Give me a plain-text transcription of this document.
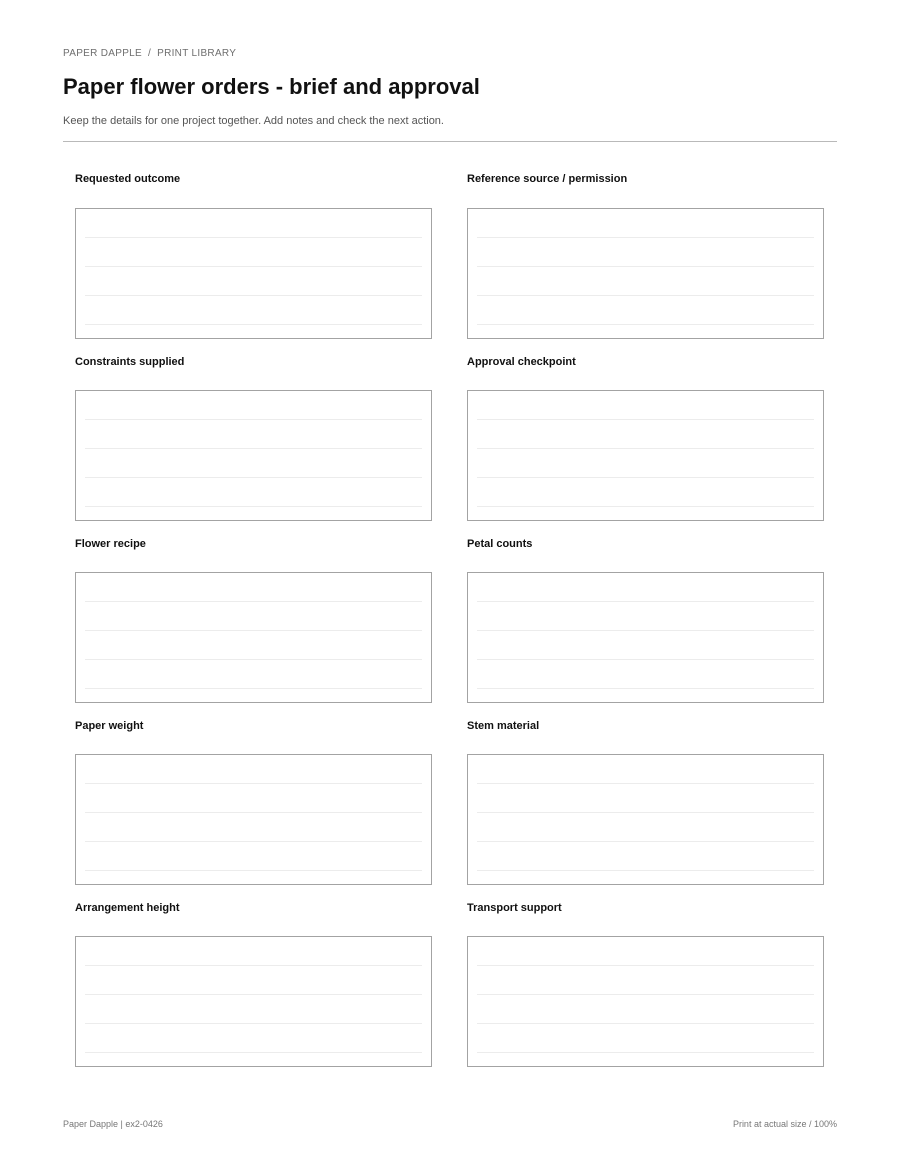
PAPER DAPPLE / PRINT LIBRARY
Paper flower orders - brief and approval
Keep the details for one project together. Add notes and check the next action.
Requested outcome	Reference source / permission
Constraints supplied	Approval checkpoint
Flower recipe	Petal counts
Paper weight	Stem material
Arrangement height	Transport support
Paper Dapple | ex2-0426	Print at actual size / 100%
